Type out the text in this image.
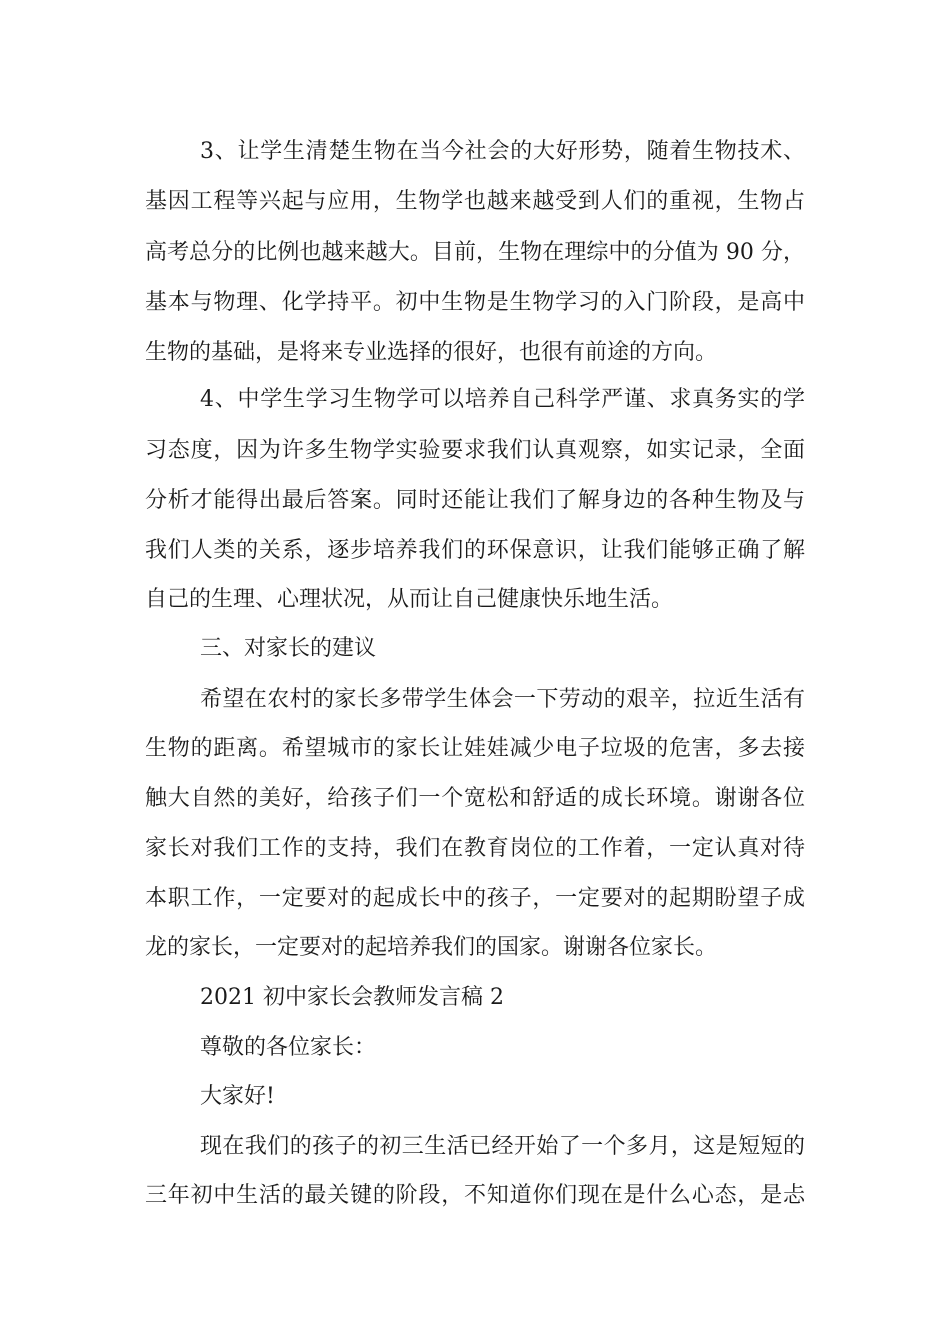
3、让学生清楚生物在当今社会的大好形势，随着生物技术、
基因工程等兴起与应用，生物学也越来越受到人们的重视，生物占
高考总分的比例也越来越大。目前，生物在理综中的分值为 90 分，
基本与物理、化学持平。初中生物是生物学习的入门阶段，是高中
生物的基础，是将来专业选择的很好，也很有前途的方向。
4、中学生学习生物学可以培养自己科学严谨、求真务实的学
习态度，因为许多生物学实验要求我们认真观察，如实记录，全面
分析才能得出最后答案。同时还能让我们了解身边的各种生物及与
我们人类的关系，逐步培养我们的环保意识，让我们能够正确了解
自己的生理、心理状况，从而让自己健康快乐地生活。
三、对家长的建议
希望在农村的家长多带学生体会一下劳动的艰辛，拉近生活有
生物的距离。希望城市的家长让娃娃减少电子垃圾的危害，多去接
触大自然的美好，给孩子们一个宽松和舒适的成长环境。谢谢各位
家长对我们工作的支持，我们在教育岗位的工作着，一定认真对待
本职工作，一定要对的起成长中的孩子，一定要对的起期盼望子成
龙的家长，一定要对的起培养我们的国家。谢谢各位家长。
2021 初中家长会教师发言稿 2
尊敬的各位家长：
大家好!
现在我们的孩子的初三生活已经开始了一个多月，这是短短的
三年初中生活的最关键的阶段，不知道你们现在是什么心态，是忐
